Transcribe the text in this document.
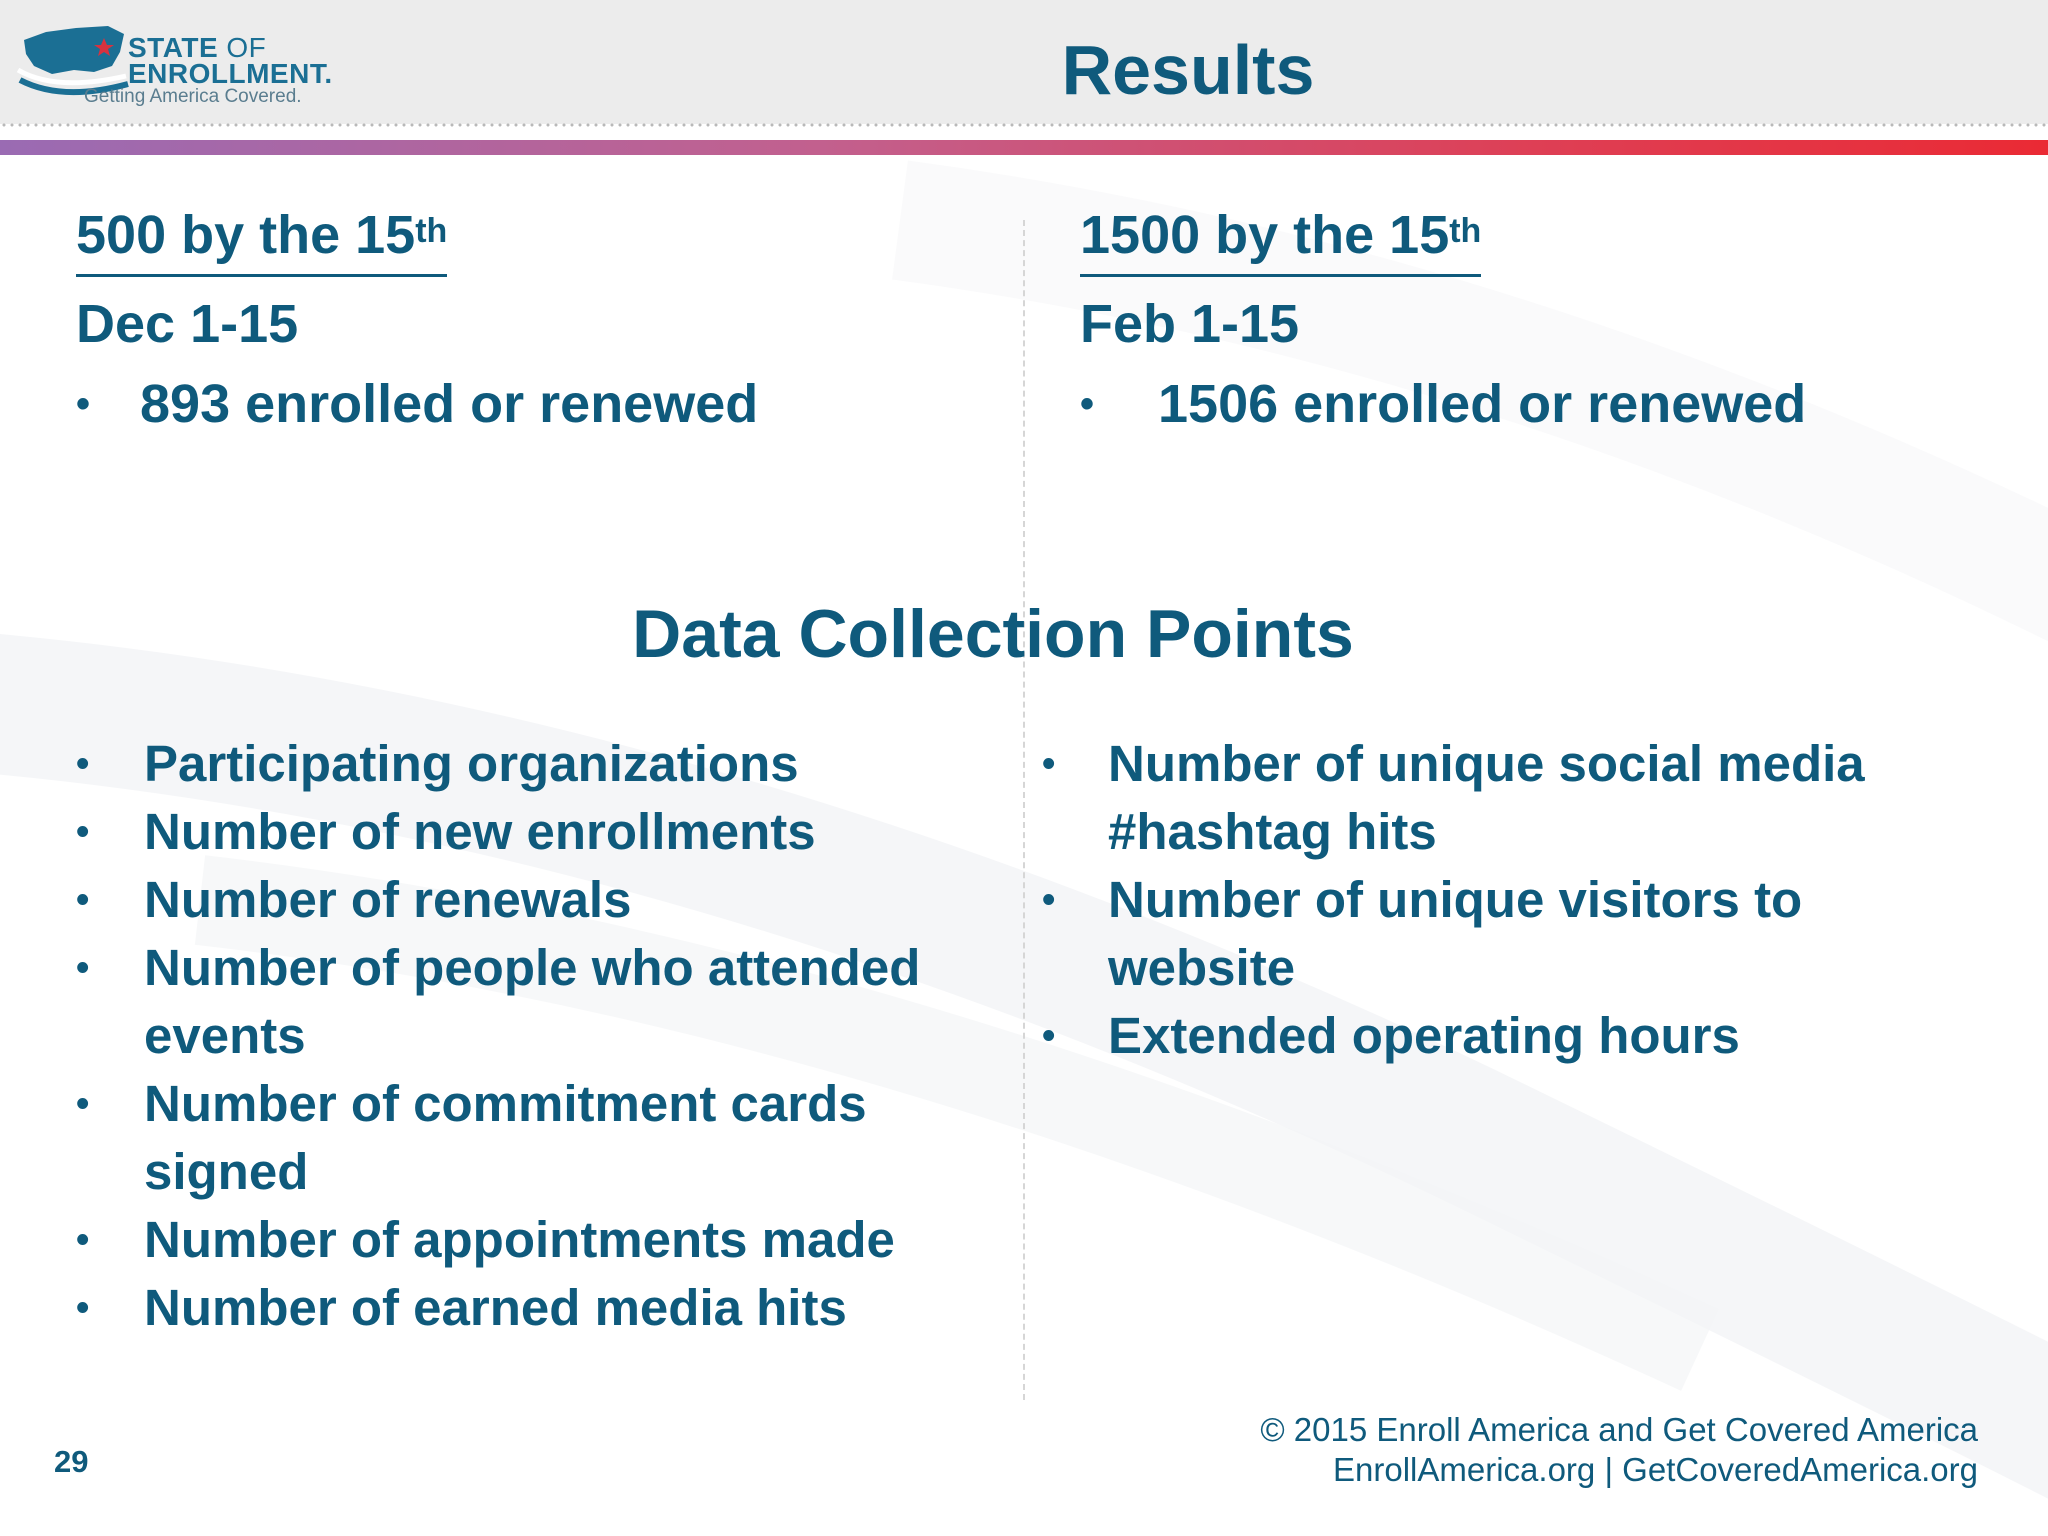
STATE OF
ENROLLMENT.
Getting America Covered.	Results
500 by the 15th
Dec 1-15
• 893 enrolled or renewed
1500 by the 15th
Feb 1-15
• 1506 enrolled or renewed
Data Collection Points
• Participating organizations
• Number of new enrollments
• Number of renewals
• Number of people who attended events
• Number of commitment cards signed
• Number of appointments made
• Number of earned media hits
• Number of unique social media #hashtag hits
• Number of unique visitors to website
• Extended operating hours
29
© 2015 Enroll America and Get Covered America
EnrollAmerica.org | GetCoveredAmerica.org
